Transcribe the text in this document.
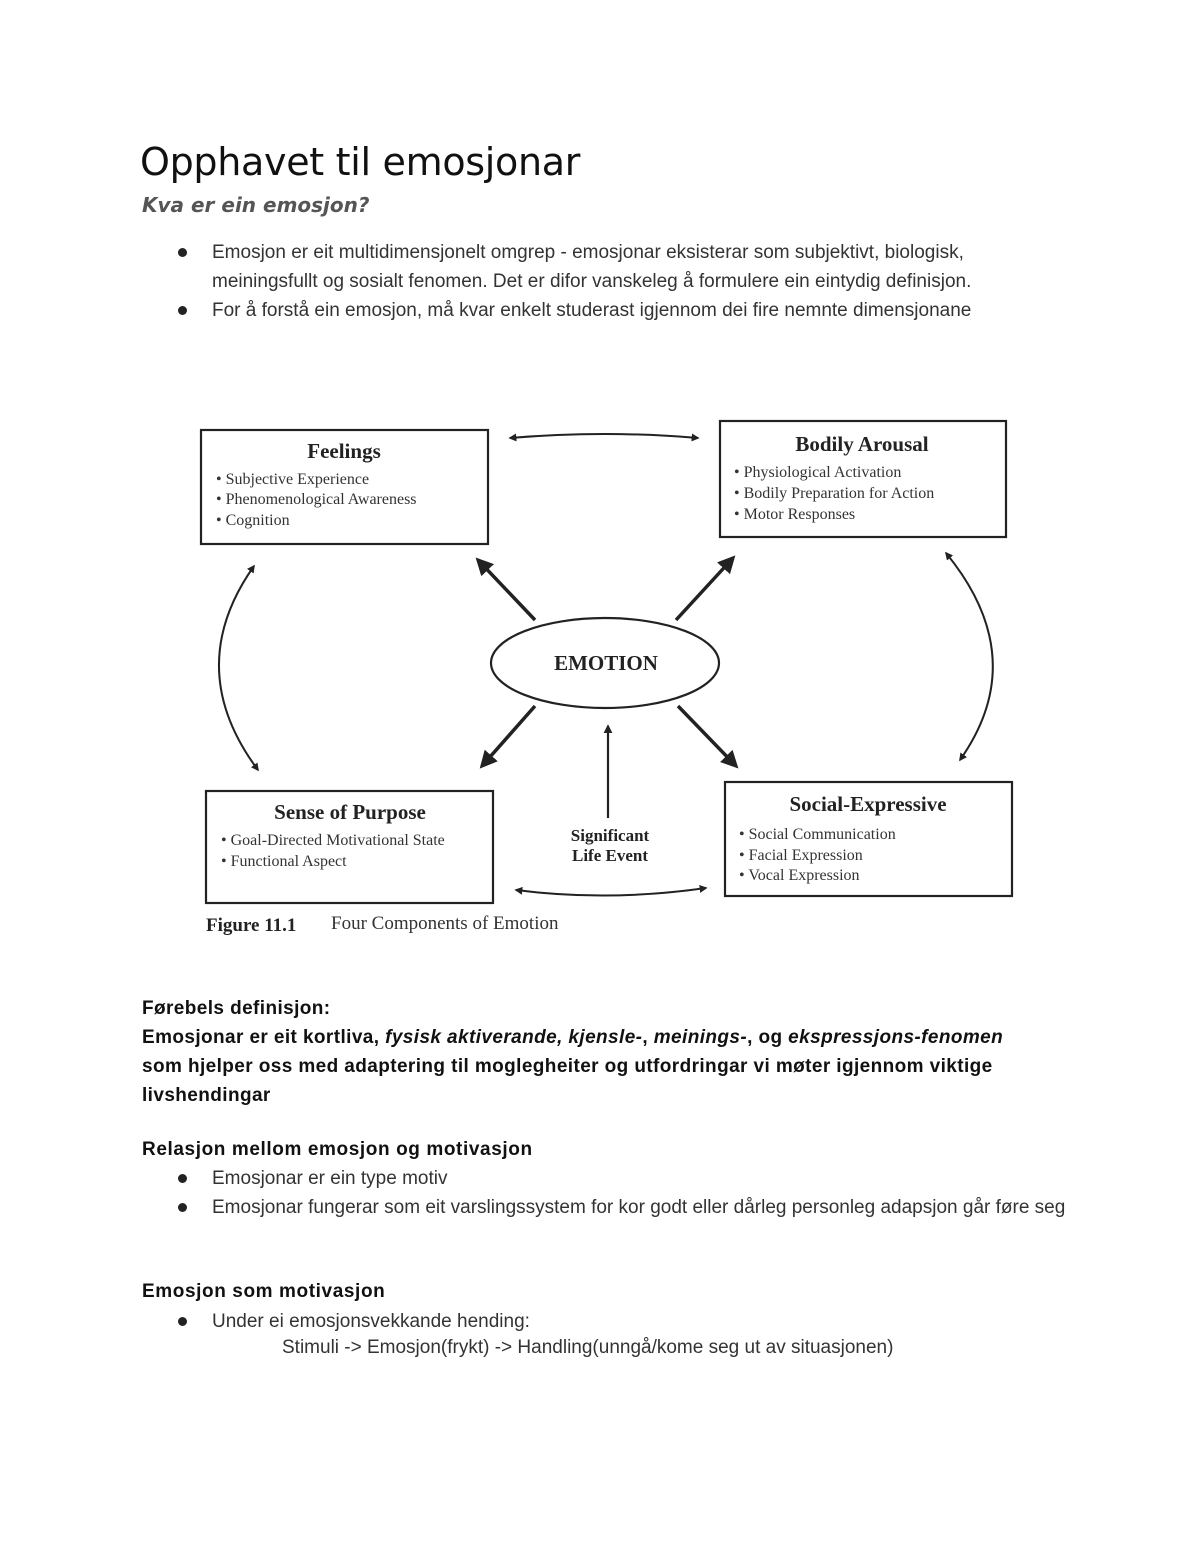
Opphavet til emosjonar
Kva er ein emosjon?
Emosjon er eit multidimensjonelt omgrep - emosjonar eksisterar som subjektivt, biologisk, meiningsfullt og sosialt fenomen. Det er difor vanskeleg å formulere ein eintydig definisjon.
For å forstå ein emosjon, må kvar enkelt studerast igjennom dei fire nemnte dimensjonane
Feelings
• Subjective Experience
• Phenomenological Awareness
• Cognition
Bodily Arousal
• Physiological Activation
• Bodily Preparation for Action
• Motor Responses
Sense of Purpose
• Goal-Directed Motivational State
• Functional Aspect
Social-Expressive
• Social Communication
• Facial Expression
• Vocal Expression
EMOTION
Significant
Life Event
Figure 11.1 Four Components of Emotion

Førebels definisjon:
Emosjonar er eit kortliva, fysisk aktiverande, kjensle-, meinings-, og ekspressjons-fenomen som hjelper oss med adaptering til moglegheiter og utfordringar vi møter igjennom viktige livshendingar

Relasjon mellom emosjon og motivasjon
Emosjonar er ein type motiv
Emosjonar fungerar som eit varslingssystem for kor godt eller dårleg personleg adapsjon går føre seg
Emosjon som motivasjon
Under ei emosjonsvekkande hending:

Stimuli -> Emosjon(frykt) -> Handling(unngå/kome seg ut av situasjonen)
